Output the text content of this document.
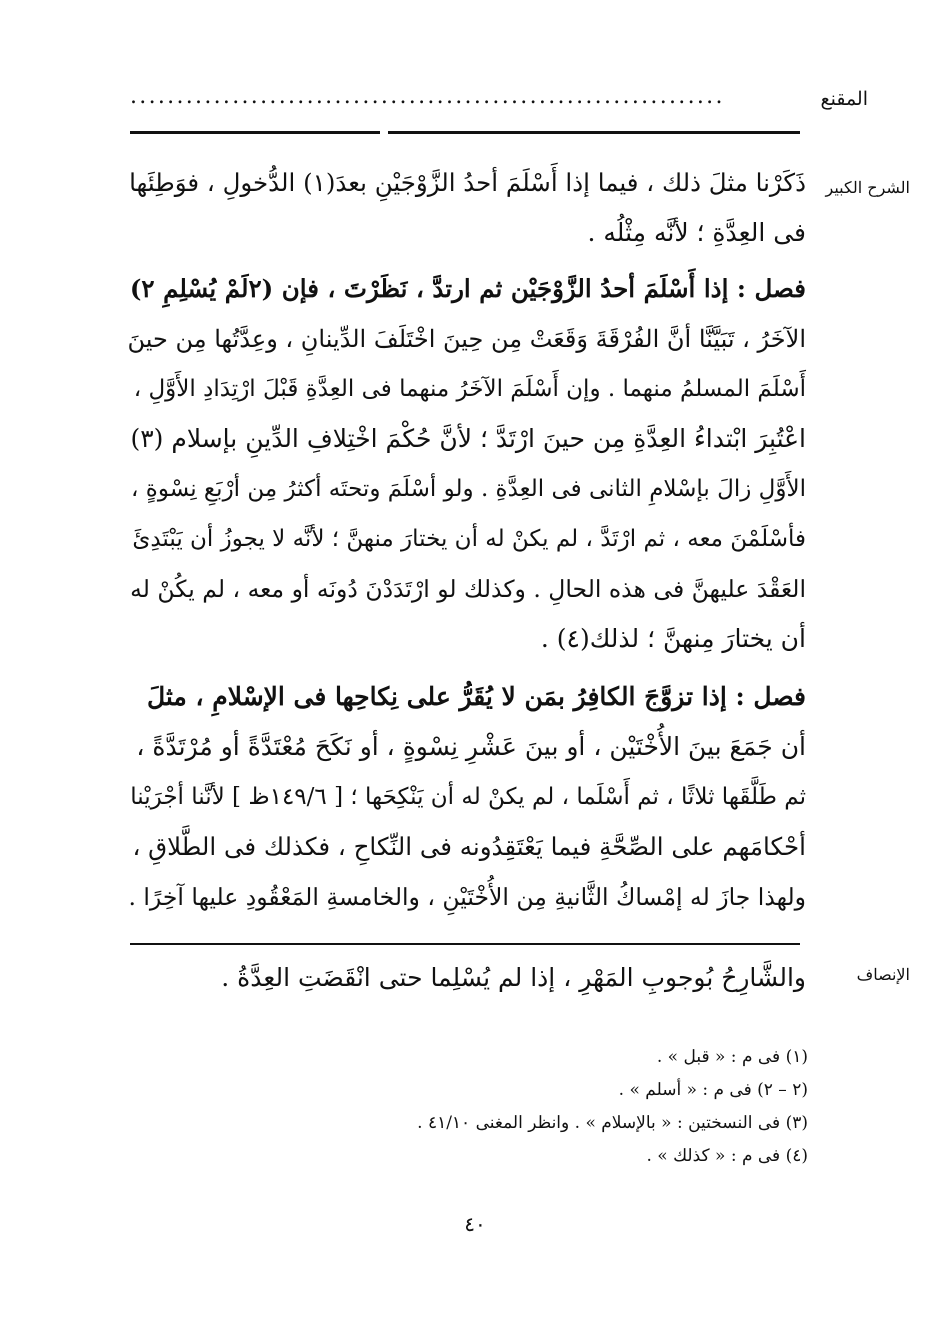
المقنع
................................................................
الشرح الكبير
الإنصاف
ذَكَرْنا مثلَ ذلك ، فيما إذا أَسْلَمَ أحدُ الزَّوْجَيْنِ بعدَ(١) الدُّخولِ ، فوَطِئَها
فى العِدَّةِ ؛ لأنَّه مِثْلُه .
فصل : إذا أَسْلَمَ أحدُ الزَّوْجَيْن ثم ارتدَّ ، نَظَرْتَ ، فإن (٢لَمْ يُسْلِمِ ٢)
الآخَرُ ، تَبَيَّنَّا أنَّ الفُرْقَةَ وَقَعَتْ مِن حِينَ اخْتَلَفَ الدِّينانِ ، وعِدَّتُها مِن حينَ
أَسْلَمَ المسلمُ منهما . وإن أَسْلَمَ الآخَرُ منهما فى العِدَّةِ قَبْلَ ارْتِدَادِ الأَوَّلِ ،
اعْتُبِرَ ابْتداءُ العِدَّةِ مِن حينَ ارْتَدَّ ؛ لأنَّ حُكْمَ اخْتِلافِ الدِّينِ بإسلام (٣)
الأَوَّلِ زالَ بإسْلامِ الثانى فى العِدَّةِ . ولو أسْلَمَ وتحتَه أكثرُ مِن أرْبَعِ نِسْوةٍ ،
فأسْلَمْنَ معه ، ثم ارْتَدَّ ، لم يكنْ له أن يختارَ منهنَّ ؛ لأنَّه لا يجوزُ أن يَبْتَدِئَ
العَقْدَ عليهنَّ فى هذه الحالِ . وكذلك لو ارْتَدَدْنَ دُونَه أو معه ، لم يكُنْ له
أن يختارَ مِنهنَّ ؛ لذلك(٤) .
فصل : إذا تزوَّجَ الكافِرُ بمَن لا يُقَرُّ على نِكاحِها فى الإسْلامِ ، مثلَ
أن جَمَعَ بينَ الأُخْتَيْن ، أو بينَ عَشْرِ نِسْوةٍ ، أو نَكَحَ مُعْتَدَّةً أو مُرْتَدَّةً ،
ثم طَلَّقَها ثلاثًا ، ثم أَسْلَما ، لم يكنْ له أن يَنْكِحَها ؛ [ ١٤٩/٦ظ ] لأنَّنا أجْرَيْنا
أحْكامَهم على الصِّحَّةِ فيما يَعْتَقِدُونه فى النِّكاحِ ، فكذلك فى الطَّلاقِ ،
ولهذا جازَ له إمْساكُ الثَّانيةِ مِن الأُخْتَيْنِ ، والخامسةِ المَعْقُودِ عليها آخِرًا .
والشَّارِحُ بُوجوبِ المَهْرِ ، إذا لم يُسْلِما حتى انْقَضَتِ العِدَّةُ .
(١) فى م : « قبل » .
(٢ – ٢) فى م : « أسلم » .
(٣) فى النسختين : « بالإسلام » . وانظر المغنى ٤١/١٠ .
(٤) فى م : « كذلك » .
٤٠
